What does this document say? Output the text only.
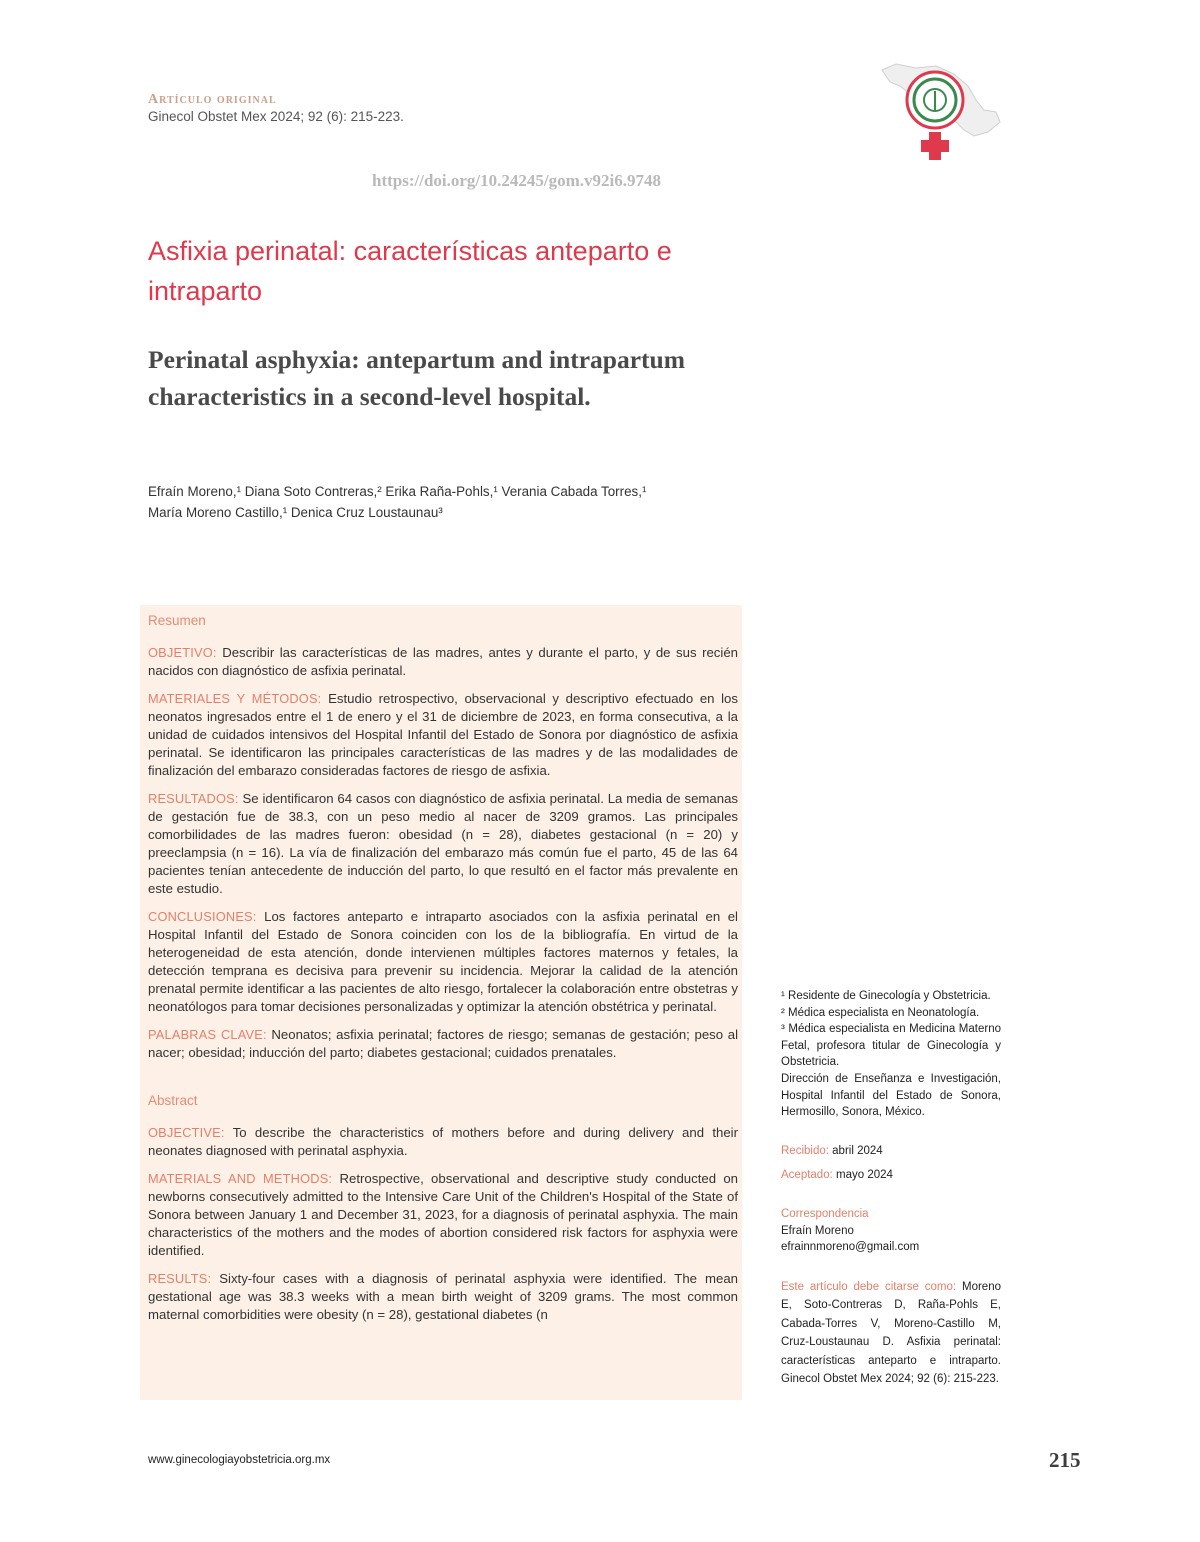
Artículo original
Ginecol Obstet Mex 2024; 92 (6): 215-223.
https://doi.org/10.24245/gom.v92i6.9748
Asfixia perinatal: características anteparto e intraparto
Perinatal asphyxia: antepartum and intrapartum characteristics in a second-level hospital.
Efraín Moreno,¹ Diana Soto Contreras,² Erika Raña-Pohls,¹ Verania Cabada Torres,¹
María Moreno Castillo,¹ Denica Cruz Loustaunau³
Resumen

OBJETIVO: Describir las características de las madres, antes y durante el parto, y de sus recién nacidos con diagnóstico de asfixia perinatal.

MATERIALES Y MÉTODOS: Estudio retrospectivo, observacional y descriptivo efectuado en los neonatos ingresados entre el 1 de enero y el 31 de diciembre de 2023, en forma consecutiva, a la unidad de cuidados intensivos del Hospital Infantil del Estado de Sonora por diagnóstico de asfixia perinatal. Se identificaron las principales características de las madres y de las modalidades de finalización del embarazo consideradas factores de riesgo de asfixia.

RESULTADOS: Se identificaron 64 casos con diagnóstico de asfixia perinatal. La media de semanas de gestación fue de 38.3, con un peso medio al nacer de 3209 gramos. Las principales comorbilidades de las madres fueron: obesidad (n = 28), diabetes gestacional (n = 20) y preeclampsia (n = 16). La vía de finalización del embarazo más común fue el parto, 45 de las 64 pacientes tenían antecedente de inducción del parto, lo que resultó en el factor más prevalente en este estudio.

CONCLUSIONES: Los factores anteparto e intraparto asociados con la asfixia perinatal en el Hospital Infantil del Estado de Sonora coinciden con los de la bibliografía. En virtud de la heterogeneidad de esta atención, donde intervienen múltiples factores maternos y fetales, la detección temprana es decisiva para prevenir su incidencia. Mejorar la calidad de la atención prenatal permite identificar a las pacientes de alto riesgo, fortalecer la colaboración entre obstetras y neonatólogos para tomar decisiones personalizadas y optimizar la atención obstétrica y perinatal.

PALABRAS CLAVE: Neonatos; asfixia perinatal; factores de riesgo; semanas de gestación; peso al nacer; obesidad; inducción del parto; diabetes gestacional; cuidados prenatales.

Abstract

OBJECTIVE: To describe the characteristics of mothers before and during delivery and their neonates diagnosed with perinatal asphyxia.

MATERIALS AND METHODS: Retrospective, observational and descriptive study conducted on newborns consecutively admitted to the Intensive Care Unit of the Children's Hospital of the State of Sonora between January 1 and December 31, 2023, for a diagnosis of perinatal asphyxia. The main characteristics of the mothers and the modes of abortion considered risk factors for asphyxia were identified.

RESULTS: Sixty-four cases with a diagnosis of perinatal asphyxia were identified. The mean gestational age was 38.3 weeks with a mean birth weight of 3209 grams. The most common maternal comorbidities were obesity (n = 28), gestational diabetes (n

¹ Residente de Ginecología y Obstetricia.
² Médica especialista en Neonatología.
³ Médica especialista en Medicina Materno Fetal, profesora titular de Ginecología y Obstetricia.
Dirección de Enseñanza e Investigación, Hospital Infantil del Estado de Sonora, Hermosillo, Sonora, México.
Recibido: abril 2024
Aceptado: mayo 2024
Correspondencia
Efraín Moreno
efrainnmoreno@gmail.com
Este artículo debe citarse como: Moreno E, Soto-Contreras D, Raña-Pohls E, Cabada-Torres V, Moreno-Castillo M, Cruz-Loustaunau D. Asfixia perinatal: características anteparto e intraparto. Ginecol Obstet Mex 2024; 92 (6): 215-223.
www.ginecologiayobstetricia.org.mx	215
